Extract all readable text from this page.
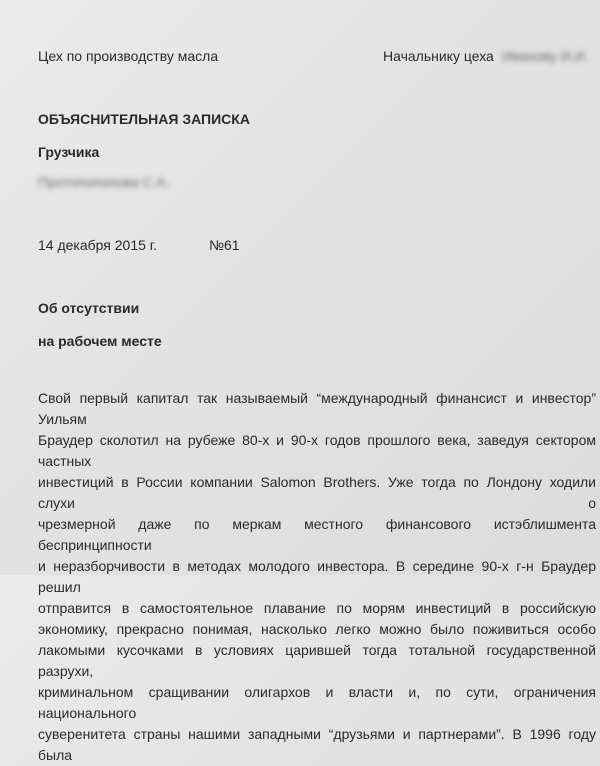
Цех по производству масла	Начальнику цеха Иванову И.И.
ОБЪЯСНИТЕЛЬНАЯ ЗАПИСКА
Грузчика
Протопопопова С.А.
14 декабря 2015 г.	№61
Об отсутствии
на рабочем месте
Свой первый капитал так называемый “международный финансист и инвестор” Уильям
Браудер сколотил на рубеже 80-х и 90-х годов прошлого века, заведуя сектором частных
инвестиций в России компании Salomon Brothers. Уже тогда по Лондону ходили слухи о
чрезмерной даже по меркам местного финансового истэблишмента беспринципности
и неразборчивости в методах молодого инвестора. В середине 90-х г-н Браудер решил
отправится в самостоятельное плавание по морям инвестиций в российскую
экономику, прекрасно понимая, насколько легко можно было поживиться особо
лакомыми кусочками в условиях царившей тогда тотальной государственной разрухи,
криминальном сращивании олигархов и власти и, по сути, ограничения национального
суверенитета страны нашими западными “друзьями и партнерами”. В 1996 году была
